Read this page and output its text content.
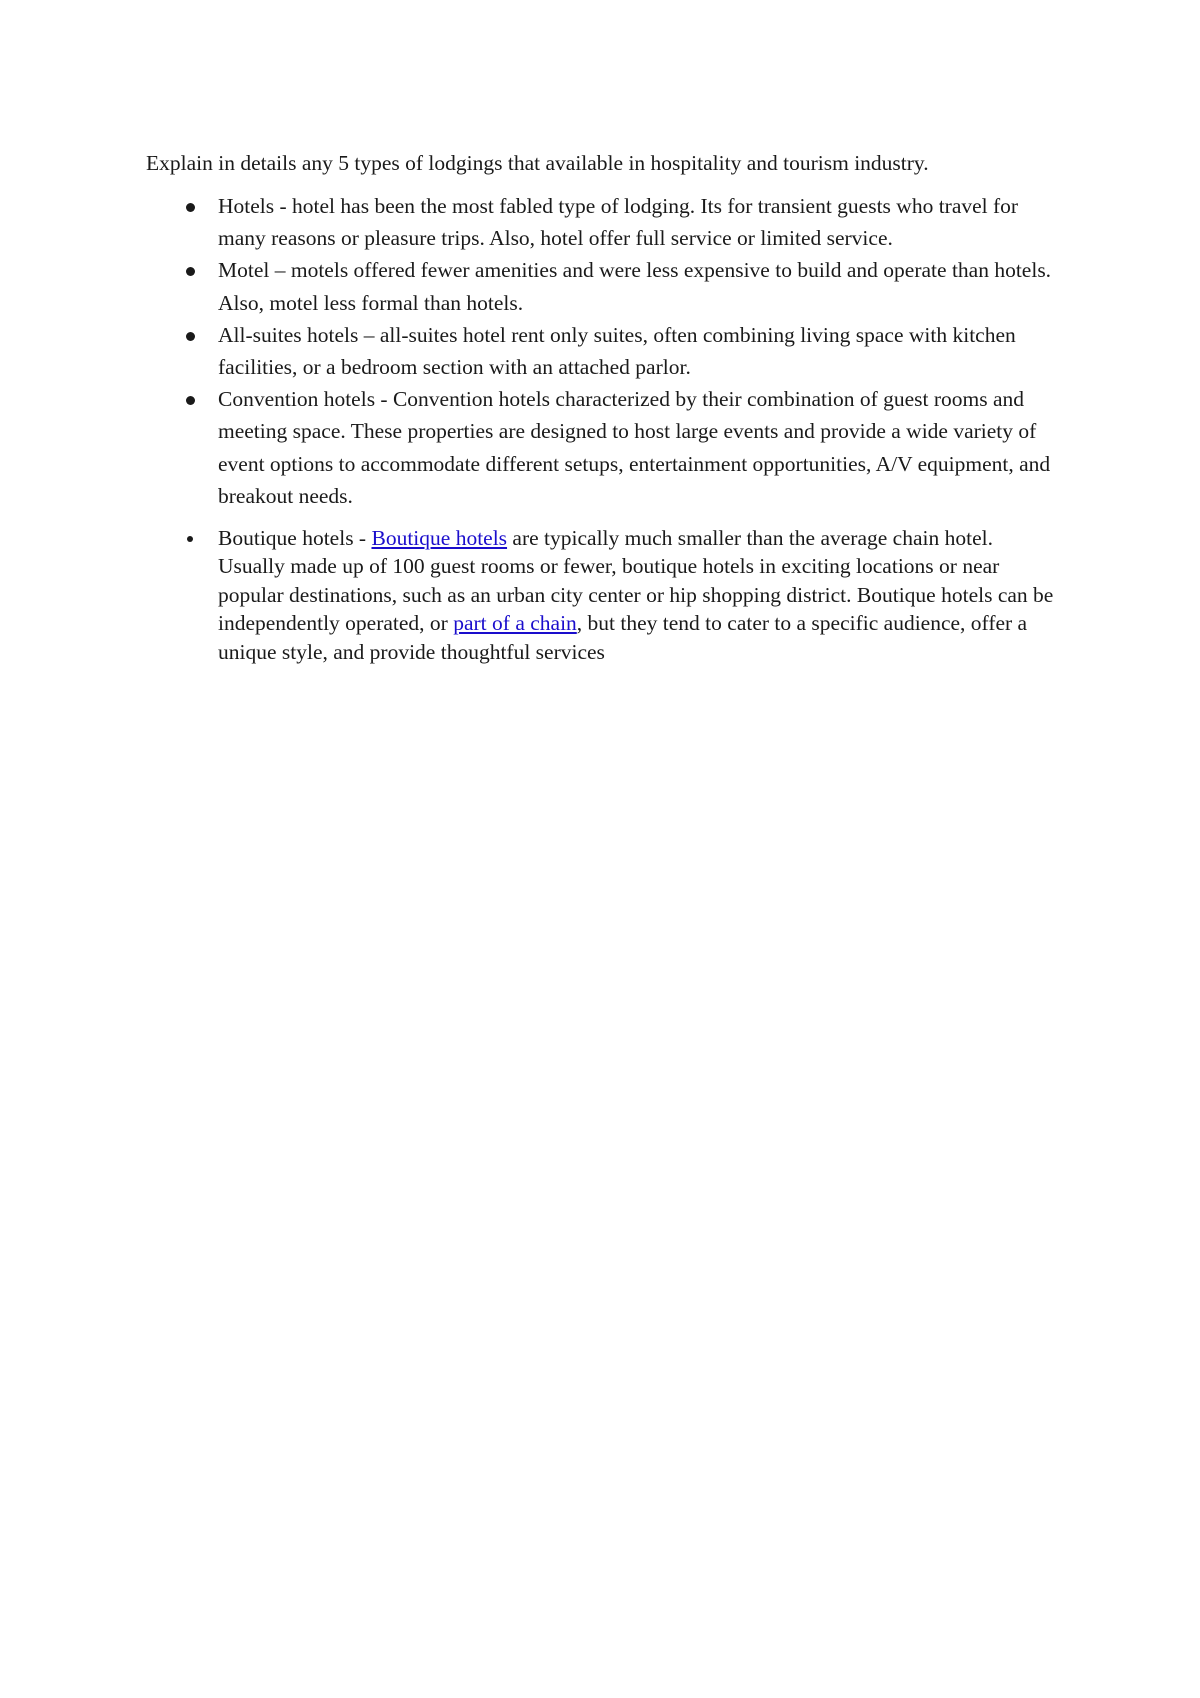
Explain in details any 5 types of lodgings that available in hospitality and tourism industry.

Hotels - hotel has been the most fabled type of lodging. Its for transient guests who travel for many reasons or pleasure trips. Also, hotel offer full service or limited service.
Motel – motels offered fewer amenities and were less expensive to build and operate than hotels. Also, motel less formal than hotels.
All-suites hotels – all-suites hotel rent only suites, often combining living space with kitchen facilities, or a bedroom section with an attached parlor.
Convention hotels - Convention hotels characterized by their combination of guest rooms and meeting space. These properties are designed to host large events and provide a wide variety of event options to accommodate different setups, entertainment opportunities, A/V equipment, and breakout needs.
Boutique hotels - Boutique hotels are typically much smaller than the average chain hotel. Usually made up of 100 guest rooms or fewer, boutique hotels in exciting locations or near popular destinations, such as an urban city center or hip shopping district. Boutique hotels can be independently operated, or part of a chain, but they tend to cater to a specific audience, offer a unique style, and provide thoughtful services
